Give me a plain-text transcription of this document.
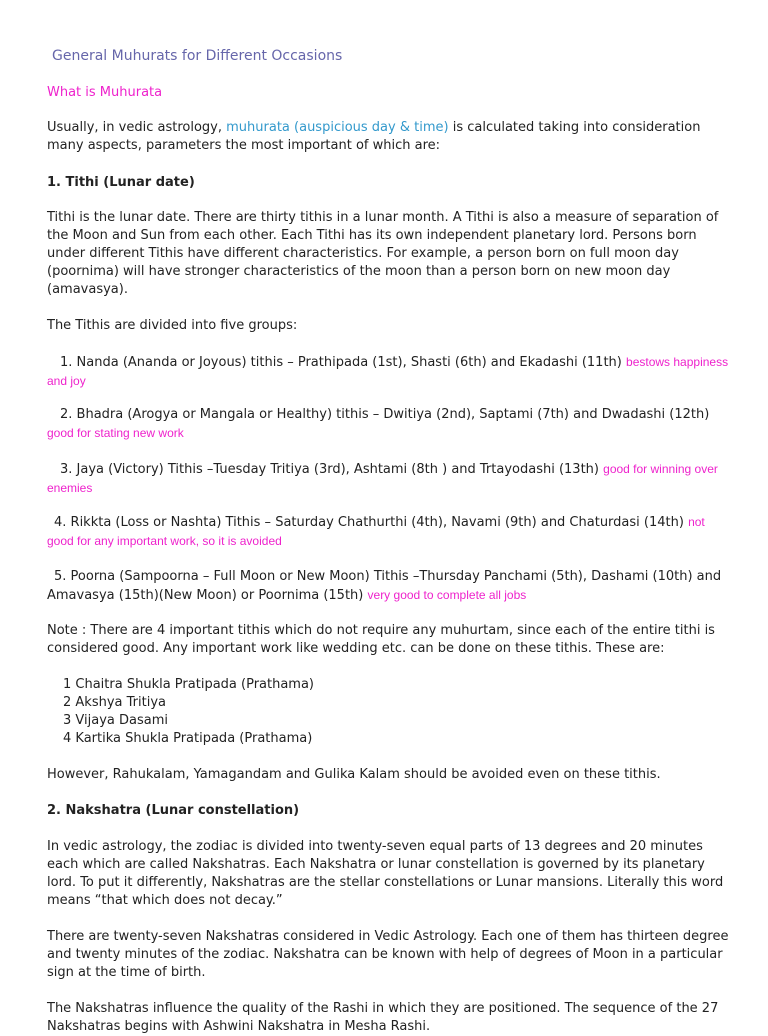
General Muhurats for Different Occasions
What is Muhurata

Usually, in vedic astrology, muhurata (auspicious day & time) is calculated taking into consideration many aspects, parameters the most important of which are:

1. Tithi (Lunar date)

Tithi is the lunar date. There are thirty tithis in a lunar month. A Tithi is also a measure of separation of the Moon and Sun from each other. Each Tithi has its own independent planetary lord. Persons born under different Tithis have different characteristics. For example, a person born on full moon day (poornima) will have stronger characteristics of the moon than a person born on new moon day (amavasya).

The Tithis are divided into five groups:

1. Nanda (Ananda or Joyous) tithis – Prathipada (1st), Shasti (6th) and Ekadashi (11th) bestows happiness and joy

2. Bhadra (Arogya or Mangala or Healthy) tithis – Dwitiya (2nd), Saptami (7th) and Dwadashi (12th) good for stating new work

3. Jaya (Victory) Tithis –Tuesday Tritiya (3rd), Ashtami (8th ) and Trtayodashi (13th) good for winning over enemies

4. Rikkta (Loss or Nashta) Tithis – Saturday Chathurthi (4th), Navami (9th) and Chaturdasi (14th) not good for any important work, so it is avoided

5. Poorna (Sampoorna – Full Moon or New Moon) Tithis –Thursday Panchami (5th), Dashami (10th) and Amavasya (15th)(New Moon) or Poornima (15th) very good to complete all jobs

Note : There are 4 important tithis which do not require any muhurtam, since each of the entire tithi is considered good. Any important work like wedding etc. can be done on these tithis. These are:

1 Chaitra Shukla Pratipada (Prathama)
2 Akshya Tritiya
3 Vijaya Dasami
4 Kartika Shukla Pratipada (Prathama)

However, Rahukalam, Yamagandam and Gulika Kalam should be avoided even on these tithis.

2. Nakshatra (Lunar constellation)

In vedic astrology, the zodiac is divided into twenty-seven equal parts of 13 degrees and 20 minutes each which are called Nakshatras. Each Nakshatra or lunar constellation is governed by its planetary lord. To put it differently, Nakshatras are the stellar constellations or Lunar mansions. Literally this word means “that which does not decay.”

There are twenty-seven Nakshatras considered in Vedic Astrology. Each one of them has thirteen degree and twenty minutes of the zodiac. Nakshatra can be known with help of degrees of Moon in a particular sign at the time of birth.

The Nakshatras influence the quality of the Rashi in which they are positioned. The sequence of the 27 Nakshatras begins with Ashwini Nakshatra in Mesha Rashi.
